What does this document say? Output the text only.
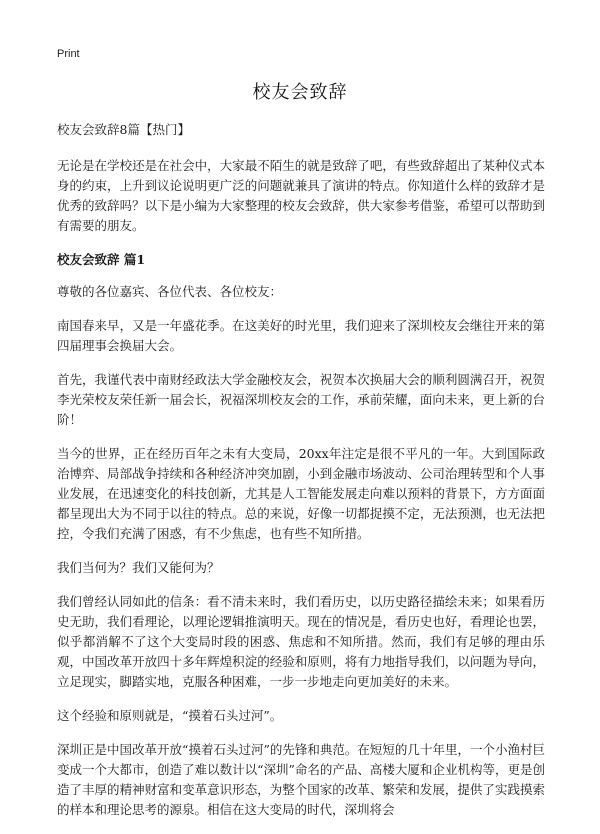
Print
校友会致辞

校友会致辞8篇【热门】

无论是在学校还是在社会中，大家最不陌生的就是致辞了吧，有些致辞超出了某种仪式本身的约束，上升到议论说明更广泛的问题就兼具了演讲的特点。你知道什么样的致辞才是优秀的致辞吗？以下是小编为大家整理的校友会致辞，供大家参考借鉴，希望可以帮助到有需要的朋友。

校友会致辞 篇1

尊敬的各位嘉宾、各位代表、各位校友：

南国春来早，又是一年盛花季。在这美好的时光里，我们迎来了深圳校友会继往开来的第四届理事会换届大会。

首先，我谨代表中南财经政法大学金融校友会，祝贺本次换届大会的顺利圆满召开，祝贺李光荣校友荣任新一届会长，祝福深圳校友会的工作，承前荣耀，面向未来，更上新的台阶！

当今的世界，正在经历百年之未有大变局，20xx年注定是很不平凡的一年。大到国际政治博弈、局部战争持续和各种经济冲突加剧，小到金融市场波动、公司治理转型和个人事业发展，在迅速变化的科技创新，尤其是人工智能发展走向难以预料的背景下，方方面面都呈现出大为不同于以往的特点。总的来说，好像一切都捉摸不定，无法预测，也无法把控，令我们充满了困惑，有不少焦虑，也有些不知所措。

我们当何为？我们又能何为？

我们曾经认同如此的信条：看不清未来时，我们看历史，以历史路径描绘未来；如果看历史无助，我们看理论，以理论逻辑推演明天。现在的情况是，看历史也好，看理论也罢，似乎都消解不了这个大变局时段的困惑、焦虑和不知所措。然而，我们有足够的理由乐观，中国改革开放四十多年辉煌积淀的经验和原则，将有力地指导我们，以问题为导向，立足现实，脚踏实地，克服各种困难，一步一步地走向更加美好的未来。

这个经验和原则就是，“摸着石头过河”。

深圳正是中国改革开放“摸着石头过河”的先锋和典范。在短短的几十年里，一个小渔村巨变成一个大都市，创造了难以数计以“深圳”命名的产品、高楼大厦和企业机构等，更是创造了丰厚的精神财富和变革意识形态，为整个国家的改革、繁荣和发展，提供了实践摸索的样本和理论思考的源泉。相信在这大变局的时代，深圳将会
